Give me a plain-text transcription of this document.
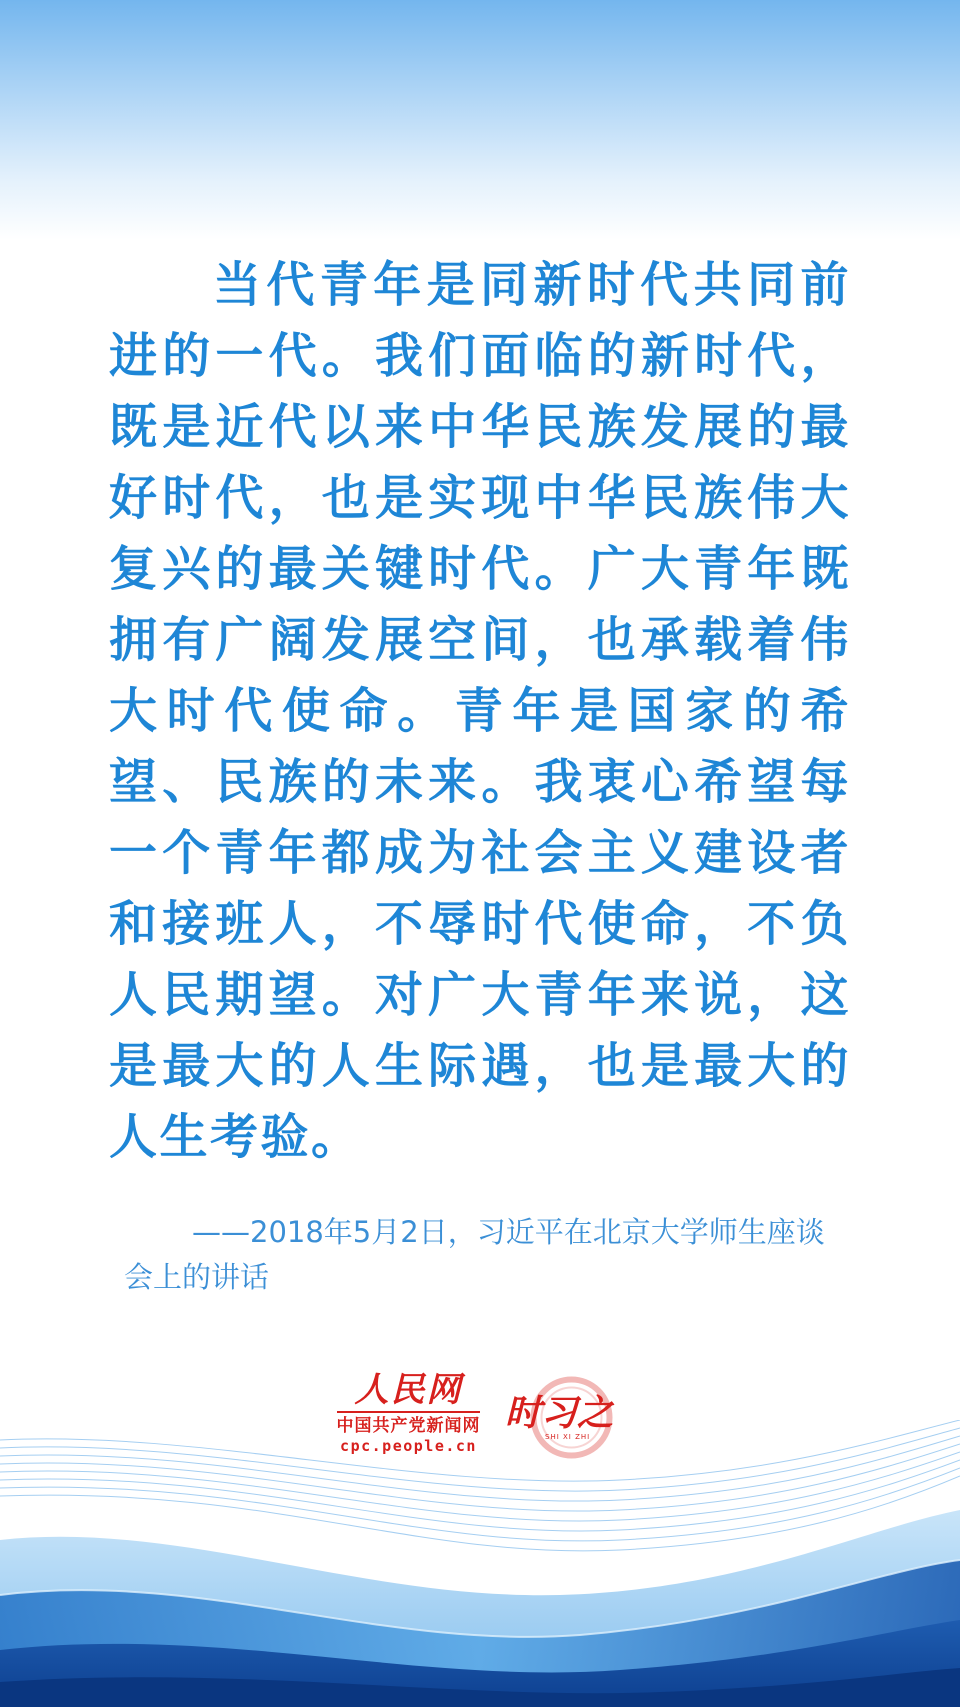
当代青年是同新时代共同前进的一代。我们面临的新时代，既是近代以来中华民族发展的最好时代，也是实现中华民族伟大复兴的最关键时代。广大青年既拥有广阔发展空间，也承载着伟大时代使命。青年是国家的希望、民族的未来。我衷心希望每一个青年都成为社会主义建设者和接班人，不辱时代使命，不负人民期望。对广大青年来说，这是最大的人生际遇，也是最大的人生考验。

——2018年5月2日，习近平在北京大学师生座谈会上的讲话

人民网
中国共产党新闻网
cpc.people.cn
时习之
SHI XI ZHI
